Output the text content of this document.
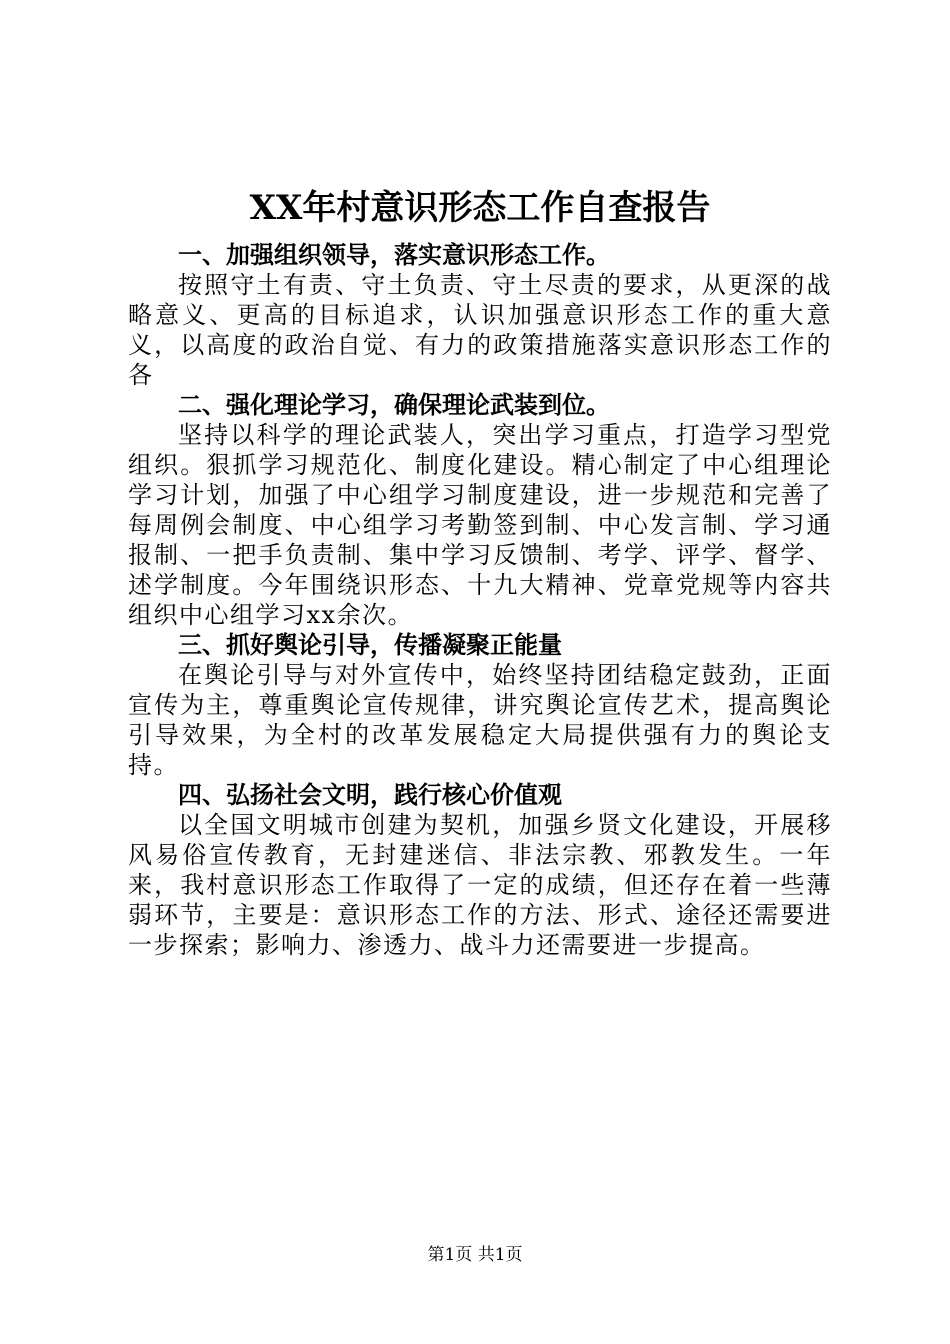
XX年村意识形态工作自查报告
一、加强组织领导，落实意识形态工作。

按照守土有责、守土负责、守土尽责的要求，从更深的战略意义、更高的目标追求，认识加强意识形态工作的重大意义，以高度的政治自觉、有力的政策措施落实意识形态工作的各

二、强化理论学习，确保理论武装到位。

坚持以科学的理论武装人，突出学习重点，打造学习型党组织。狠抓学习规范化、制度化建设。精心制定了中心组理论学习计划，加强了中心组学习制度建设，进一步规范和完善了每周例会制度、中心组学习考勤签到制、中心发言制、学习通报制、一把手负责制、集中学习反馈制、考学、评学、督学、述学制度。今年围绕识形态、十九大精神、党章党规等内容共组织中心组学习xx余次。

三、抓好舆论引导，传播凝聚正能量

在舆论引导与对外宣传中，始终坚持团结稳定鼓劲，正面宣传为主，尊重舆论宣传规律，讲究舆论宣传艺术，提高舆论引导效果，为全村的改革发展稳定大局提供强有力的舆论支持。

四、弘扬社会文明，践行核心价值观

以全国文明城市创建为契机，加强乡贤文化建设，开展移风易俗宣传教育，无封建迷信、非法宗教、邪教发生。一年来，我村意识形态工作取得了一定的成绩，但还存在着一些薄弱环节，主要是：意识形态工作的方法、形式、途径还需要进一步探索；影响力、渗透力、战斗力还需要进一步提高。

第1页 共1页
